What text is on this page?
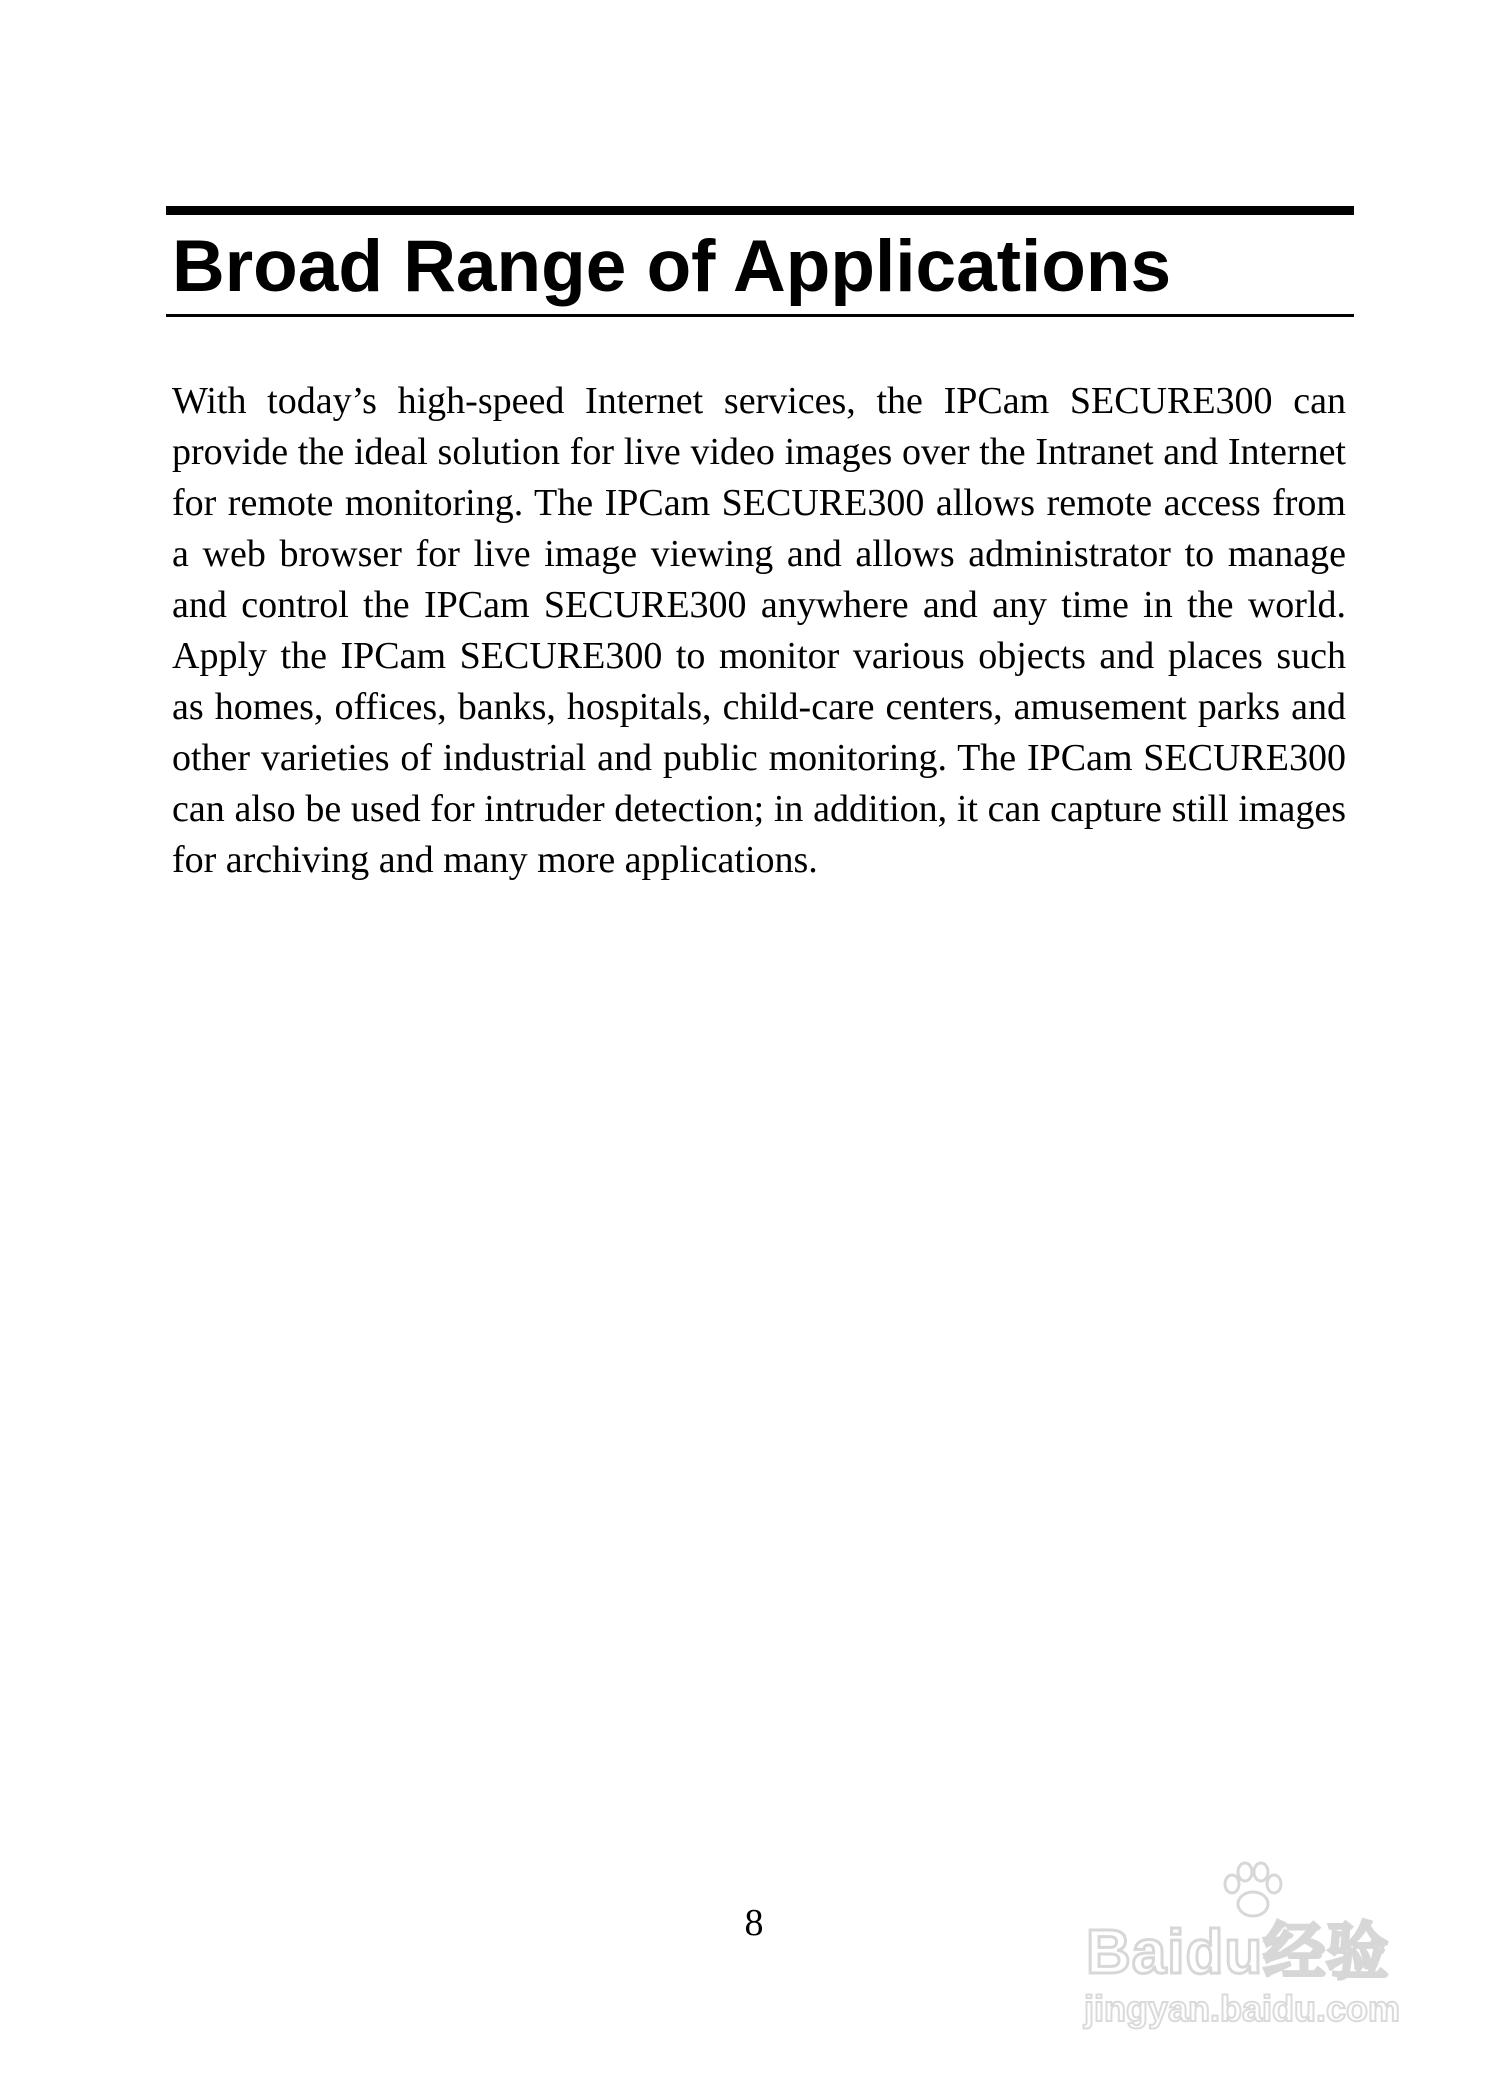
Broad Range of Applications

With today’s high-speed Internet services, the IPCam SECURE300 can provide the ideal solution for live video images over the Intranet and Internet for remote monitoring. The IPCam SECURE300 allows remote access from a web browser for live image viewing and allows administrator to manage and control the IPCam SECURE300 anywhere and any time in the world. Apply the IPCam SECURE300 to monitor various objects and places such as homes, offices, banks, hospitals, child-care centers, amusement parks and other varieties of industrial and public monitoring. The IPCam SECURE300 can also be used for intruder detection; in addition, it can capture still images for archiving and many more applications.

8	Baidu经验
jingyan.baidu.com
